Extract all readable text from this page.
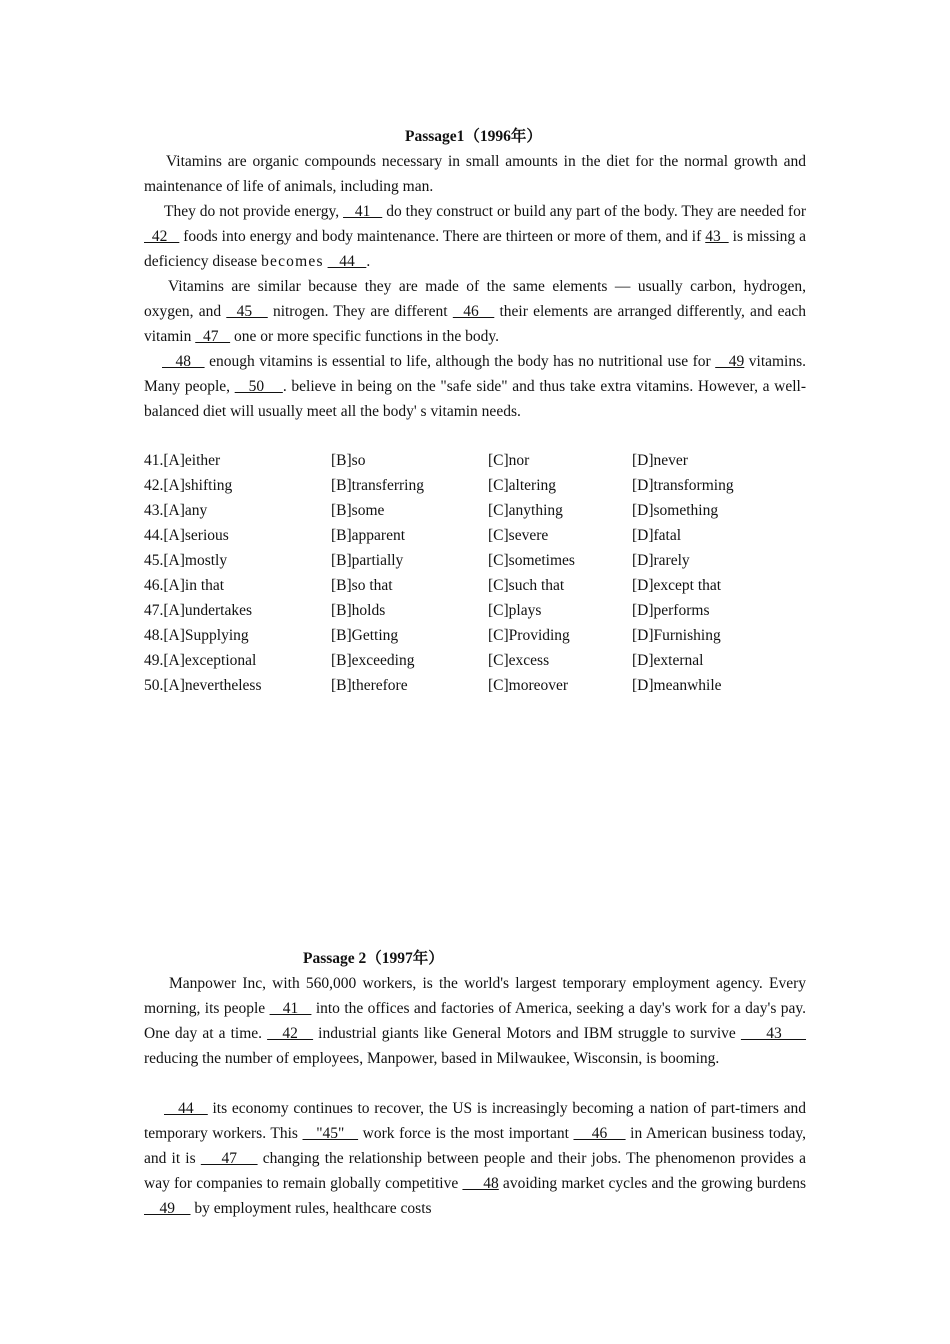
Passage1（1996年）

Vitamins are organic compounds necessary in small amounts in the diet for the normal growth and maintenance of life of animals, including man.

They do not provide energy,    41    do they construct or build any part of the body. They are needed for   42    foods into energy and body maintenance. There are thirteen or more of them, and if 43   is missing a deficiency disease becomes    44   .

Vitamins are similar because they are made of the same elements — usually carbon, hydrogen, oxygen, and   45    nitrogen. They are different   46    their elements are arranged differently, and each vitamin   47    one or more specific functions in the body.

48    enough vitamins is essential to life, although the body has no nutritional use for    49 vitamins. Many people,    50    . believe in being on the "safe side" and thus take extra vitamins. However, a well-balanced diet will usually meet all the body' s vitamin needs.

41.[A]either	[B]so	[C]nor	[D]never
42.[A]shifting	[B]transferring	[C]altering	[D]transforming
43.[A]any	[B]some	[C]anything	[D]something
44.[A]serious	[B]apparent	[C]severe	[D]fatal
45.[A]mostly	[B]partially	[C]sometimes	[D]rarely
46.[A]in that	[B]so that	[C]such that	[D]except that
47.[A]undertakes	[B]holds	[C]plays	[D]performs
48.[A]Supplying	[B]Getting	[C]Providing	[D]Furnishing
49.[A]exceptional	[B]exceeding	[C]excess	[D]external
50.[A]nevertheless	[B]therefore	[C]moreover	[D]meanwhile
Passage 2（1997年）

Manpower Inc, with 560,000 workers, is the world's largest temporary employment agency. Every morning, its people    41    into the offices and factories of America, seeking a day's work for a day's pay. One day at a time.    42    industrial giants like General Motors and IBM struggle to survive      43      reducing the number of employees, Manpower, based in Milwaukee, Wisconsin, is booming.

44    its economy continues to recover, the US is increasingly becoming a nation of part-timers and temporary workers. This    "45"    work force is the most important     46     in American business today, and it is     47     changing the relationship between people and their jobs. The phenomenon provides a way for companies to remain globally competitive      48 avoiding market cycles and the growing burdens     49     by employment rules, healthcare costs
